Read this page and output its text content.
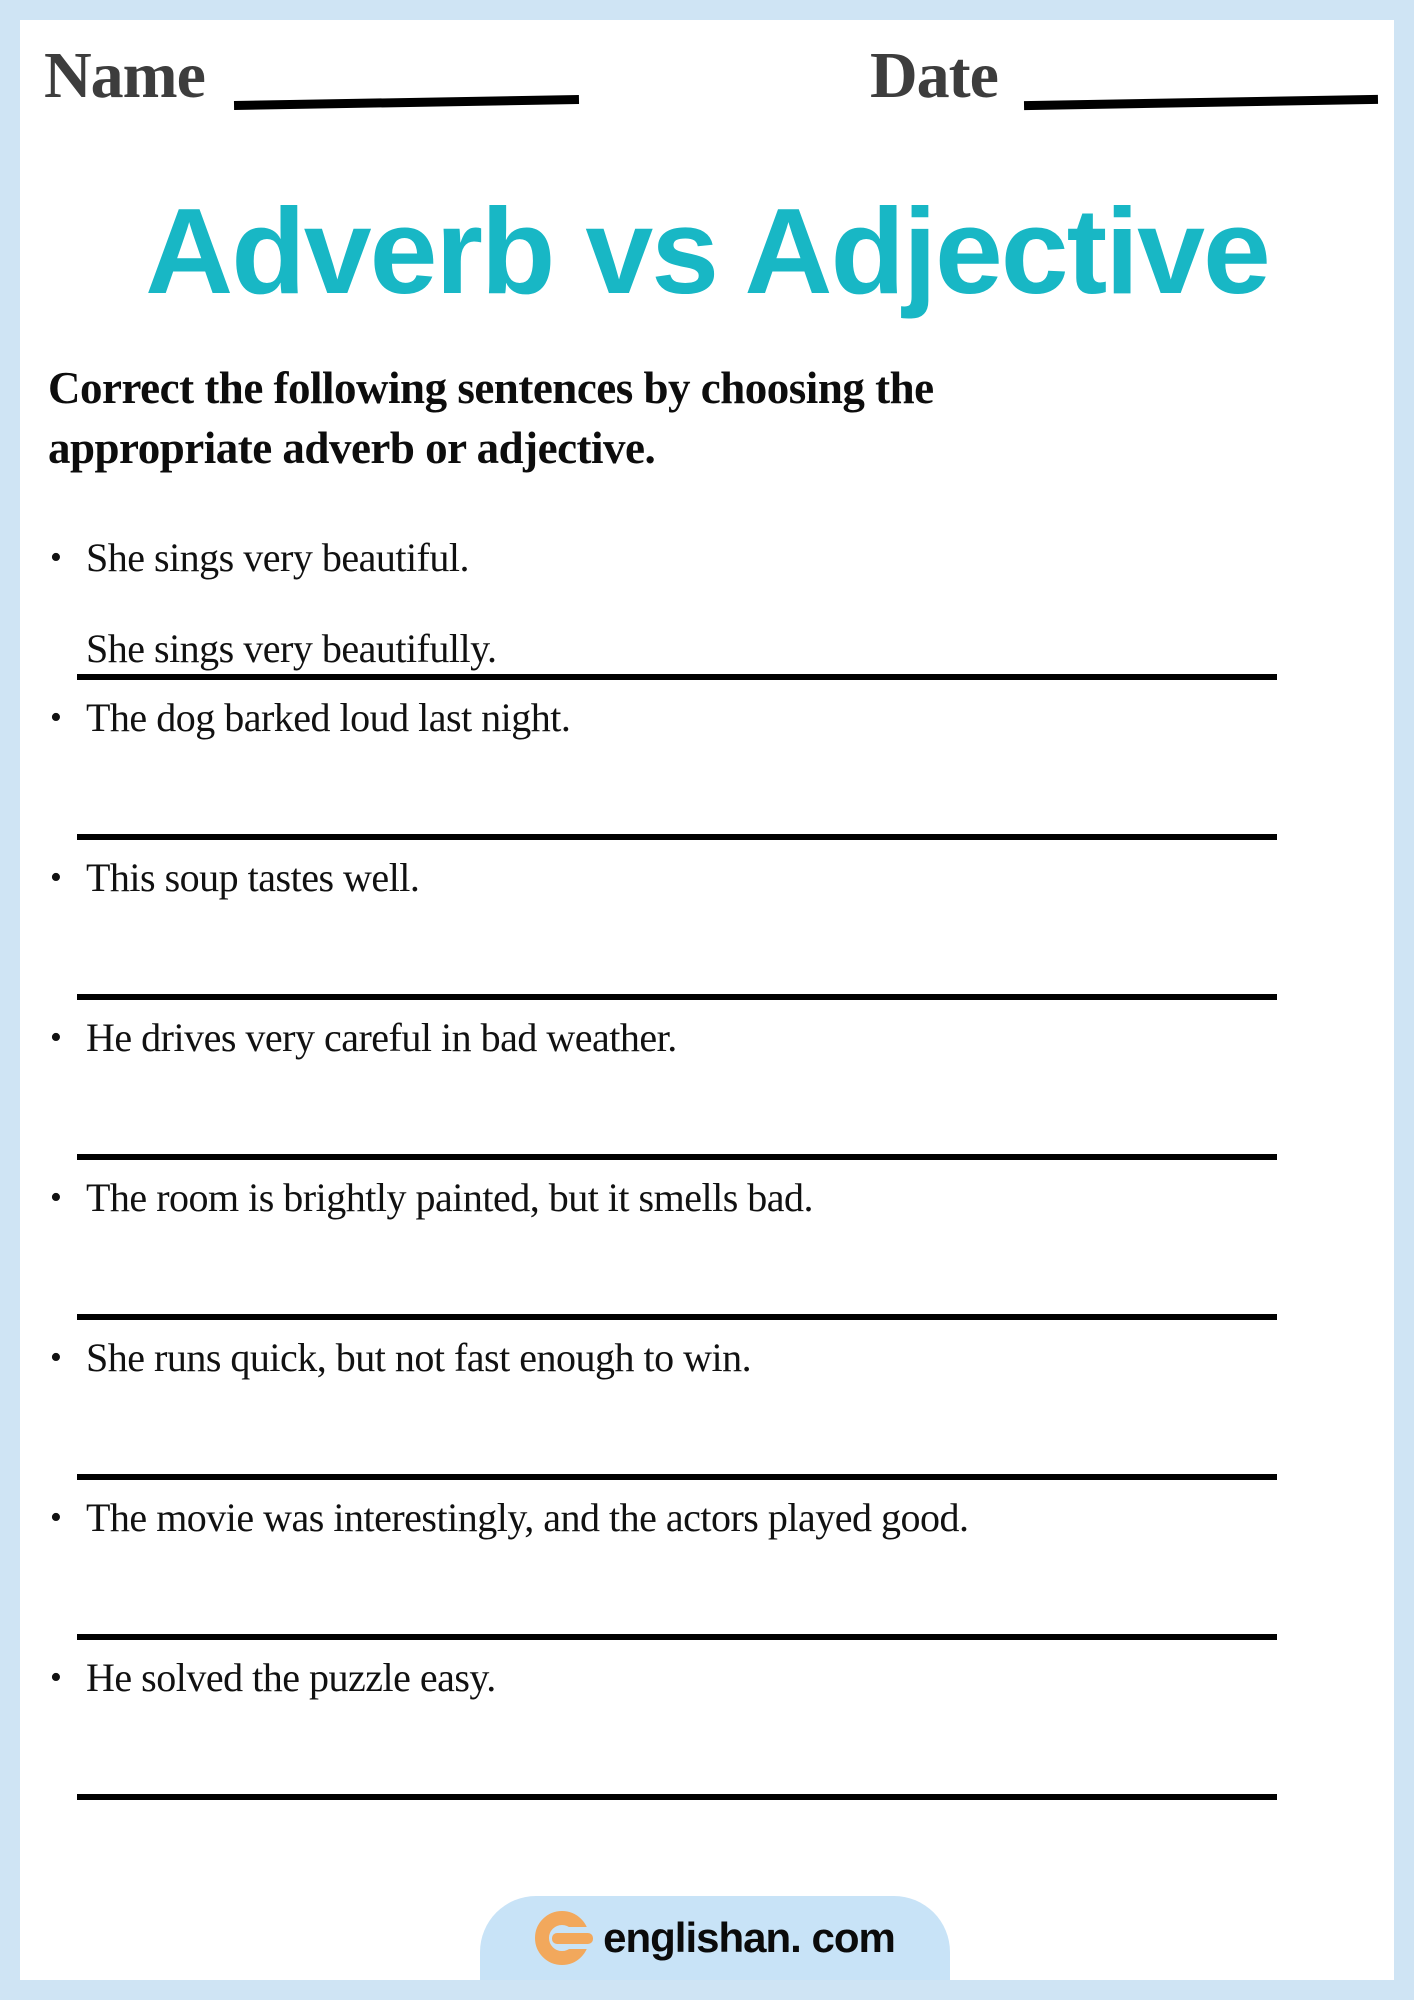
Name	Date
Adverb vs Adjective
Correct the following sentences by choosing the
appropriate adverb or adjective.
• She sings very beautiful.
She sings very beautifully.
• The dog barked loud last night.
• This soup tastes well.
• He drives very careful in bad weather.
• The room is brightly painted, but it smells bad.
• She runs quick, but not fast enough to win.
• The movie was interestingly, and the actors played good.
• He solved the puzzle easy.
englishan. com
